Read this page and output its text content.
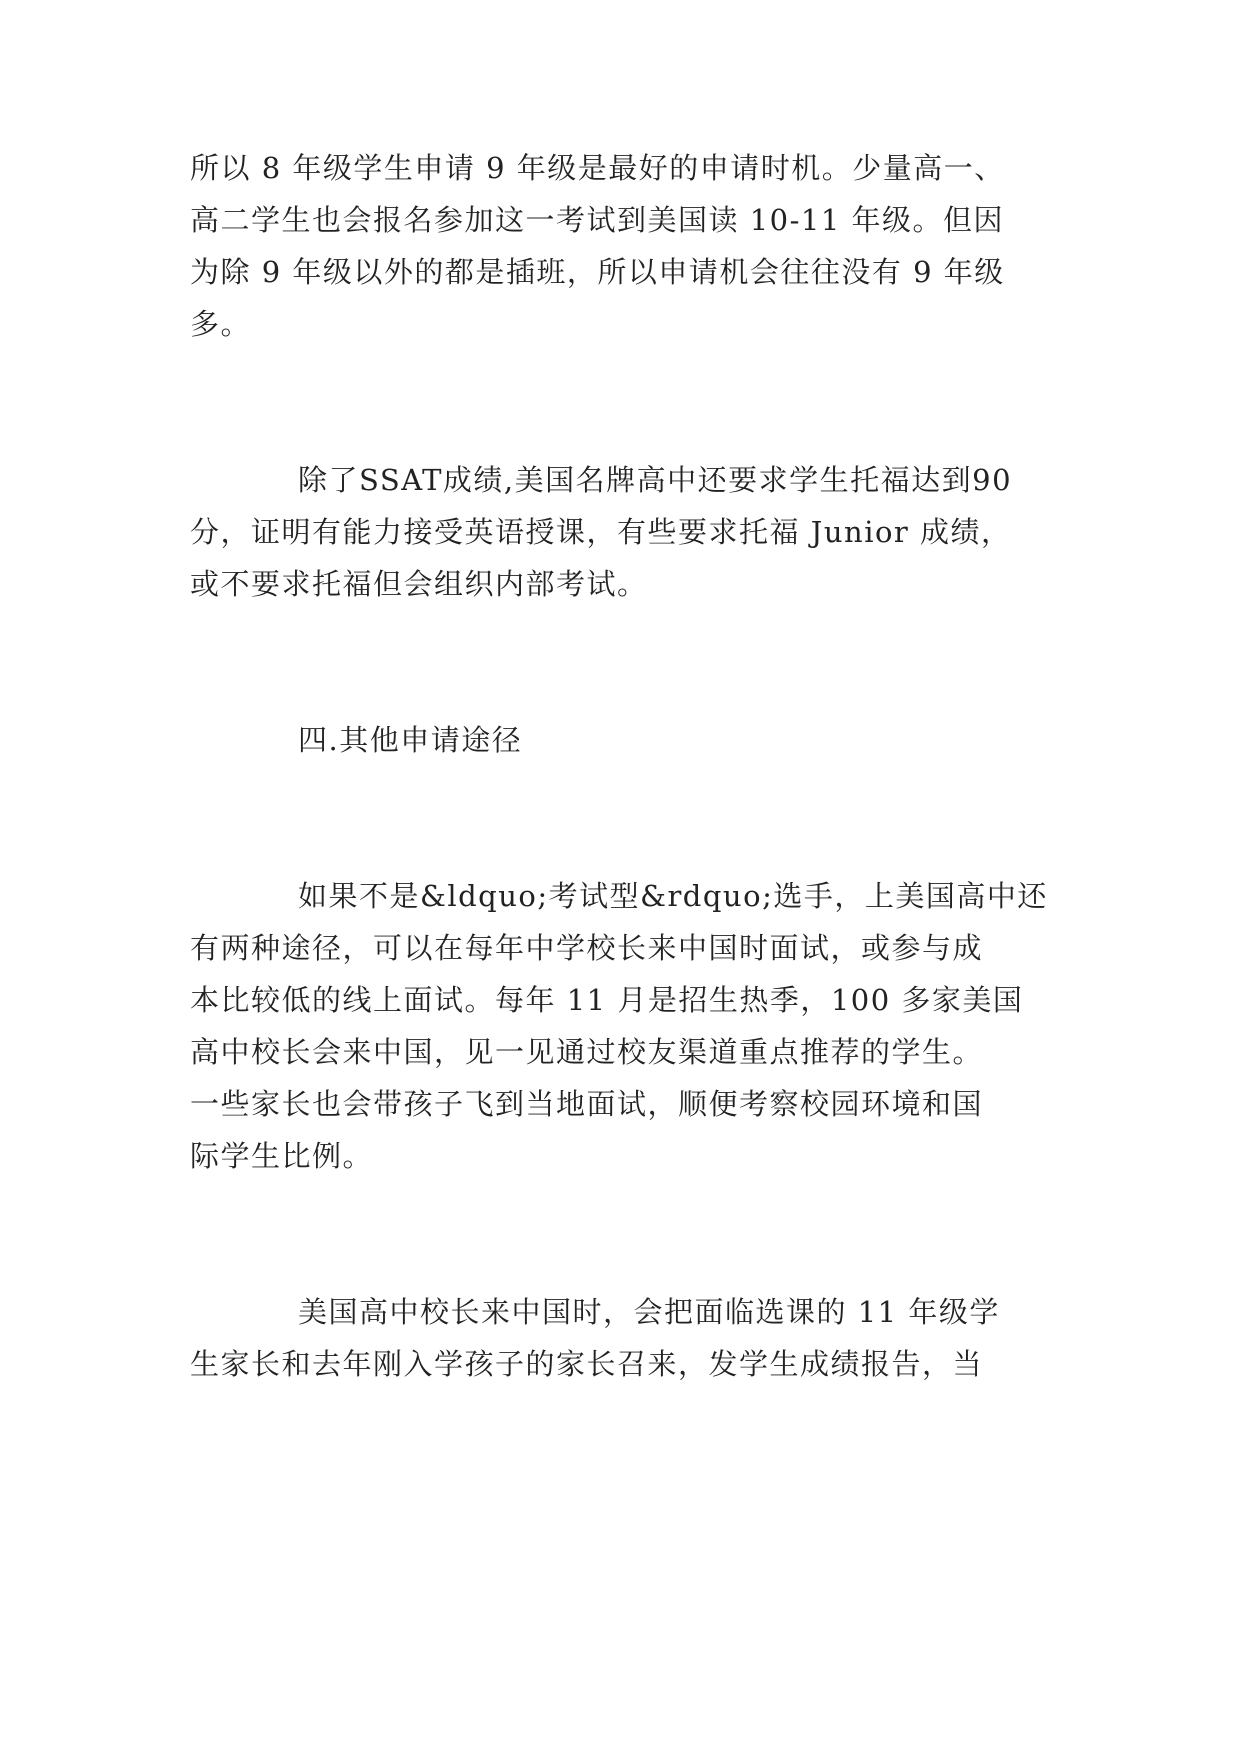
所以 8 年级学生申请 9 年级是最好的申请时机。少量高一、
高二学生也会报名参加这一考试到美国读 10-11 年级。但因
为除 9 年级以外的都是插班，所以申请机会往往没有 9 年级
多。
除了SSAT成绩,美国名牌高中还要求学生托福达到90
分，证明有能力接受英语授课，有些要求托福 Junior 成绩，
或不要求托福但会组织内部考试。
四.其他申请途径
如果不是&ldquo;考试型&rdquo;选手，上美国高中还
有两种途径，可以在每年中学校长来中国时面试，或参与成
本比较低的线上面试。每年 11 月是招生热季，100 多家美国
高中校长会来中国，见一见通过校友渠道重点推荐的学生。
一些家长也会带孩子飞到当地面试，顺便考察校园环境和国
际学生比例。
美国高中校长来中国时，会把面临选课的 11 年级学
生家长和去年刚入学孩子的家长召来，发学生成绩报告，当
